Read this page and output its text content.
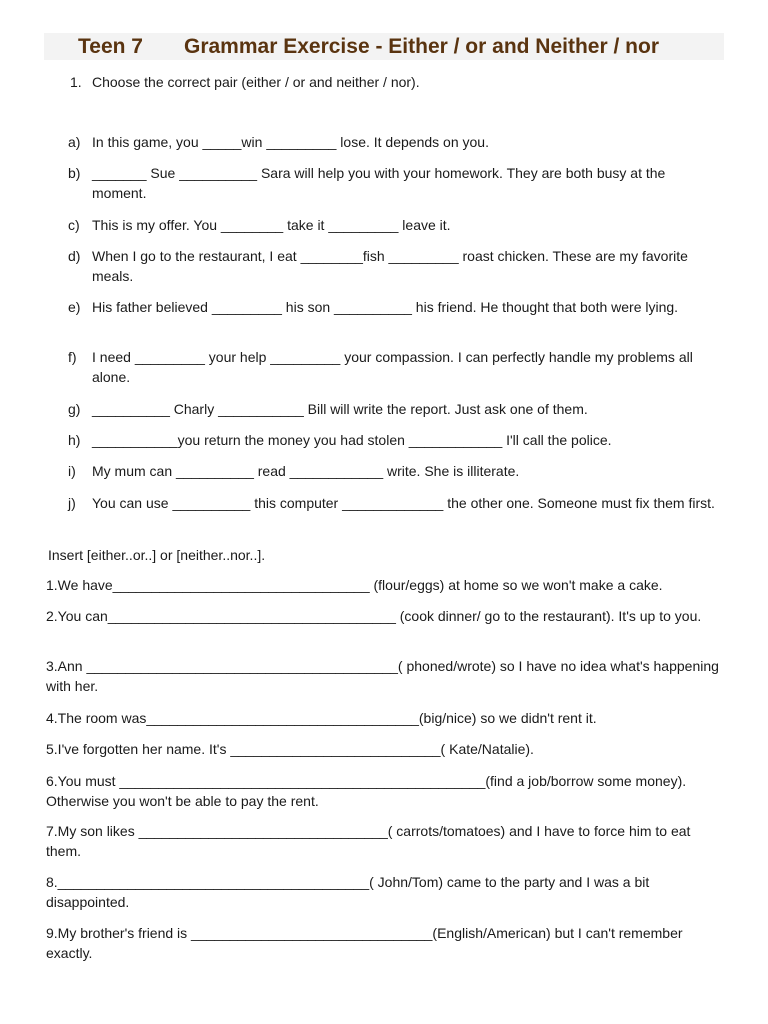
Teen 7 Grammar Exercise - Either / or and Neither / nor
1. Choose the correct pair (either / or and neither / nor).
a) In this game, you _____win _________ lose. It depends on you.
b) _______ Sue __________ Sara will help you with your homework. They are both busy at the moment.
c) This is my offer. You ________ take it _________ leave it.
d) When I go to the restaurant, I eat ________fish _________ roast chicken. These are my favorite meals.
e) His father believed _________ his son __________ his friend. He thought that both were lying.
f) I need _________ your help _________ your compassion. I can perfectly handle my problems all alone.
g) __________ Charly ___________ Bill will write the report. Just ask one of them.
h) ___________you return the money you had stolen ____________ I'll call the police.
i) My mum can __________ read ____________ write. She is illiterate.
j) You can use __________ this computer _____________ the other one. Someone must fix them first.
Insert [either..or..] or [neither..nor..].
1.We have_________________________________ (flour/eggs) at home so we won't make a cake.
2.You can_____________________________________ (cook dinner/ go to the restaurant). It's up to you.
3.Ann ________________________________________( phoned/wrote) so I have no idea what's happening with her.
4.The room was___________________________________(big/nice) so we didn't rent it.
5.I've forgotten her name. It's ___________________________( Kate/Natalie).
6.You must _______________________________________________(find a job/borrow some money). Otherwise you won't be able to pay the rent.
7.My son likes ________________________________( carrots/tomatoes) and I have to force him to eat them.
8.________________________________________( John/Tom) came to the party and I was a bit disappointed.
9.My brother's friend is _______________________________(English/American) but I can't remember exactly.
